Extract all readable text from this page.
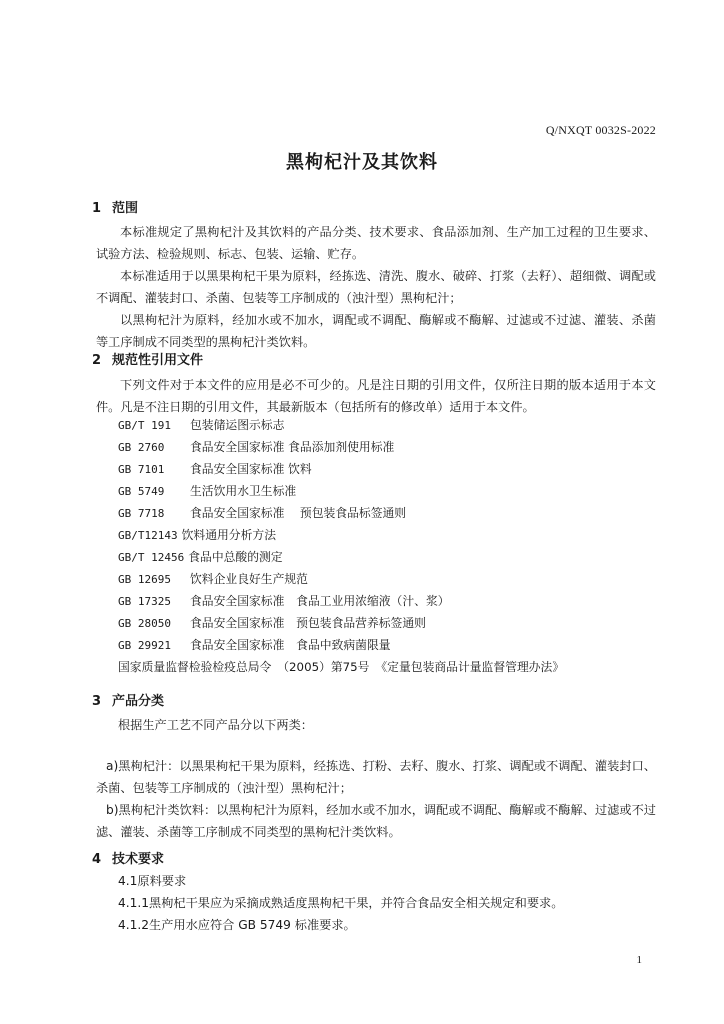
Q/NXQT 0032S-2022
黑枸杞汁及其饮料
1 范围
本标准规定了黑枸杞汁及其饮料的产品分类、技术要求、食品添加剂、生产加工过程的卫生要求、试验方法、检验规则、标志、包装、运输、贮存。
本标准适用于以黑果枸杞干果为原料，经拣选、清洗、腹水、破碎、打浆（去籽）、超细微、调配或不调配、灌装封口、杀菌、包装等工序制成的（浊汁型）黑枸杞汁；
以黑枸杞汁为原料，经加水或不加水，调配或不调配、酶解或不酶解、过滤或不过滤、灌装、杀菌等工序制成不同类型的黑枸杞汁类饮料。
2 规范性引用文件
下列文件对于本文件的应用是必不可少的。凡是注日期的引用文件，仅所注日期的版本适用于本文件。凡是不注日期的引用文件，其最新版本（包括所有的修改单）适用于本文件。
GB/T 191 包装储运图示标志
GB 2760 食品安全国家标准 食品添加剂使用标准
GB 7101 食品安全国家标准 饮料
GB 5749 生活饮用水卫生标准
GB 7718 食品安全国家标准　 预包装食品标签通则
GB/T12143 饮料通用分析方法
GB/T 12456 食品中总酸的测定
GB 12695 饮料企业良好生产规范
GB 17325 食品安全国家标准　食品工业用浓缩液（汁、浆）
GB 28050 食品安全国家标准　预包装食品营养标签通则
GB 29921 食品安全国家标准　食品中致病菌限量
国家质量监督检验检疫总局令　（2005）第75号　《定量包装商品计量监督管理办法》
3 产品分类
根据生产工艺不同产品分以下两类：
a)黑枸杞汁：以黑果枸杞干果为原料，经拣选、打粉、去籽、腹水、打浆、调配或不调配、灌装封口、杀菌、包装等工序制成的（浊汁型）黑枸杞汁；
b)黑枸杞汁类饮料：以黑枸杞汁为原料，经加水或不加水，调配或不调配、酶解或不酶解、过滤或不过滤、灌装、杀菌等工序制成不同类型的黑枸杞汁类饮料。
4 技术要求
4.1原料要求
4.1.1黑枸杞干果应为采摘成熟适度黑枸杞干果，并符合食品安全相关规定和要求。
4.1.2生产用水应符合 GB 5749 标准要求。
1
